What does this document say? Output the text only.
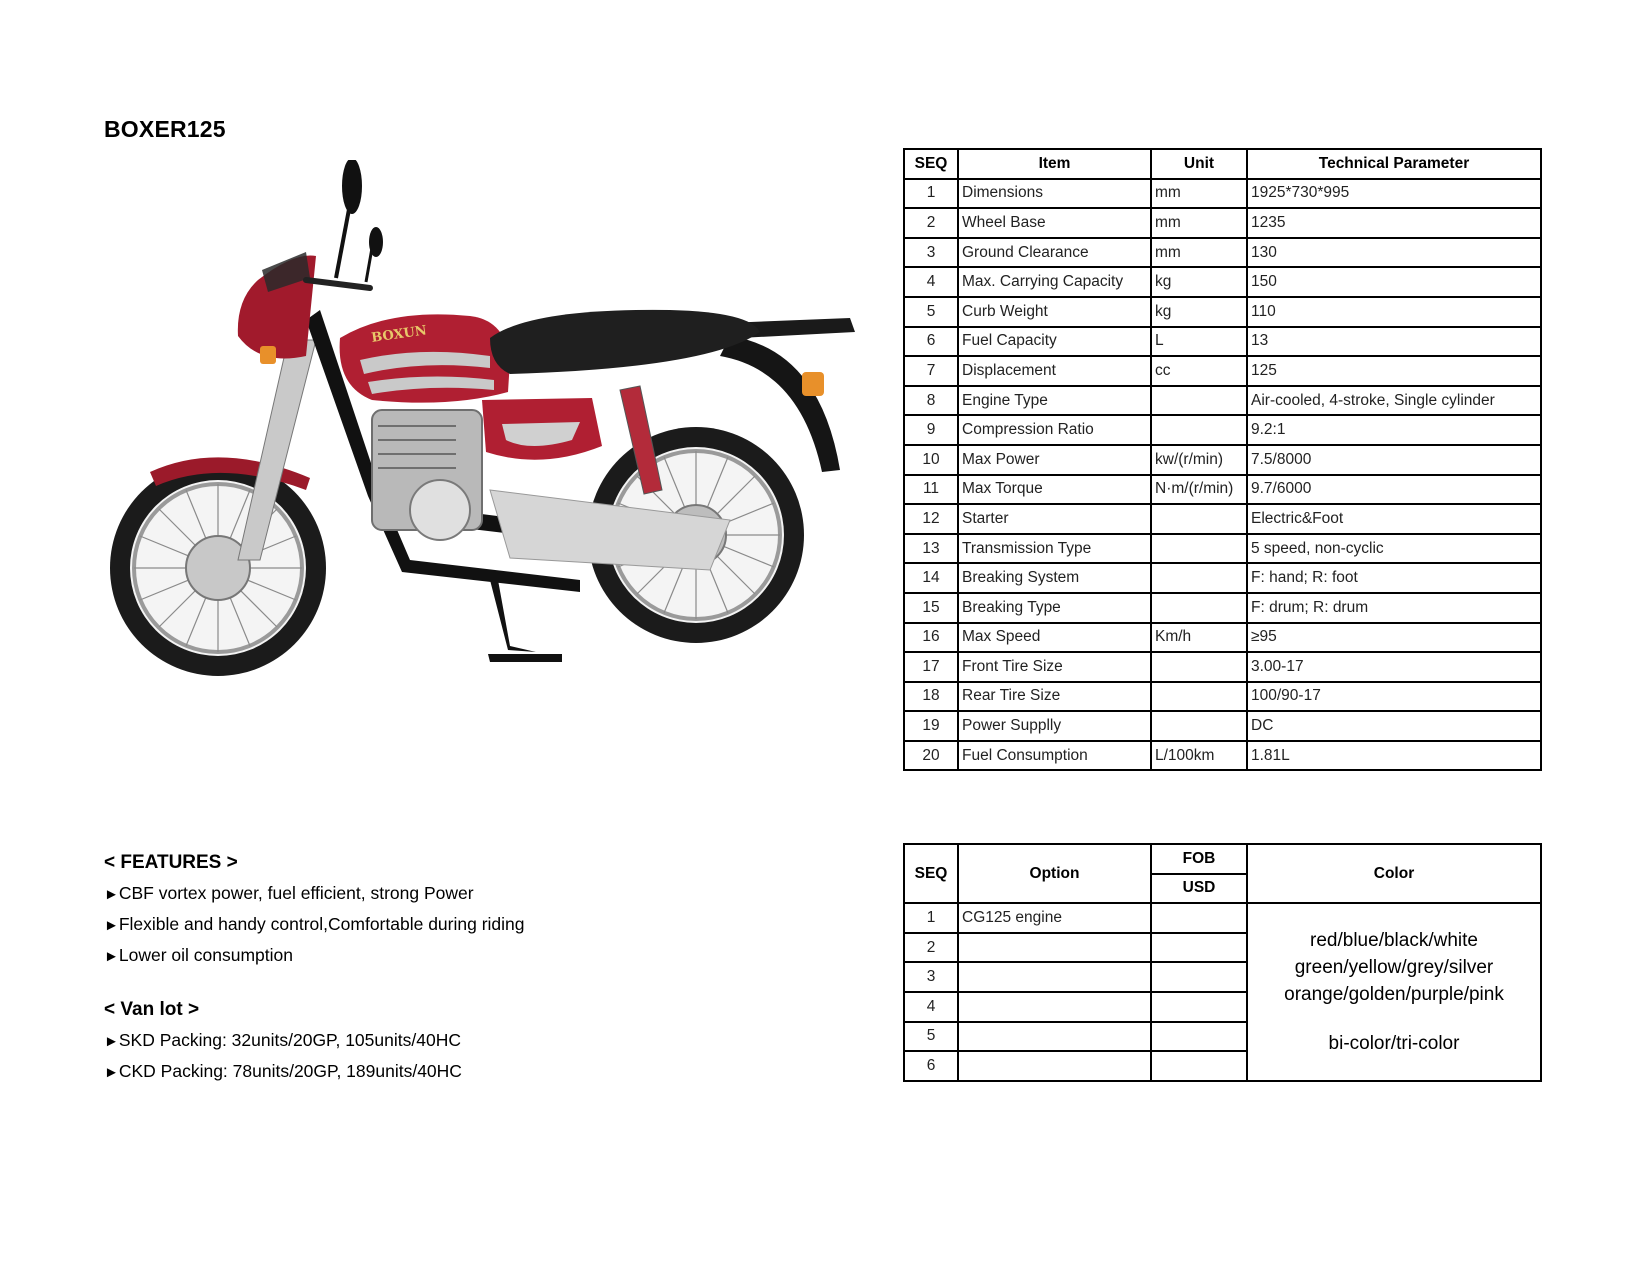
BOXER125
BOXUN
SEQ	Item	Unit	Technical Parameter
1	Dimensions	mm	1925*730*995
2	Wheel Base	mm	1235
3	Ground Clearance	mm	130
4	Max. Carrying Capacity	kg	150
5	Curb Weight	kg	110
6	Fuel Capacity	L	13
7	Displacement	cc	125
8	Engine Type		Air-cooled, 4-stroke, Single cylinder
9	Compression Ratio		9.2:1
10	Max Power	kw/(r/min)	7.5/8000
11	Max Torque	N·m/(r/min)	9.7/6000
12	Starter		Electric&Foot
13	Transmission Type		5 speed, non-cyclic
14	Breaking System		F: hand; R: foot
15	Breaking Type		F: drum; R: drum
16	Max Speed	Km/h	≥95
17	Front Tire Size		3.00-17
18	Rear Tire Size		100/90-17
19	Power Supplly		DC
20	Fuel Consumption	L/100km	1.81L
SEQ	Option	FOB	Color
		USD	
1	CG125 engine		red/blue/black/white
green/yellow/grey/silver
orange/golden/purple/pink
bi-color/tri-color

2			
3			
4			
5			
6			
< FEATURES >
►CBF vortex power, fuel efficient, strong Power
►Flexible and handy control,Comfortable during riding
►Lower oil consumption
< Van lot >
►SKD Packing: 32units/20GP, 105units/40HC
►CKD Packing: 78units/20GP, 189units/40HC
